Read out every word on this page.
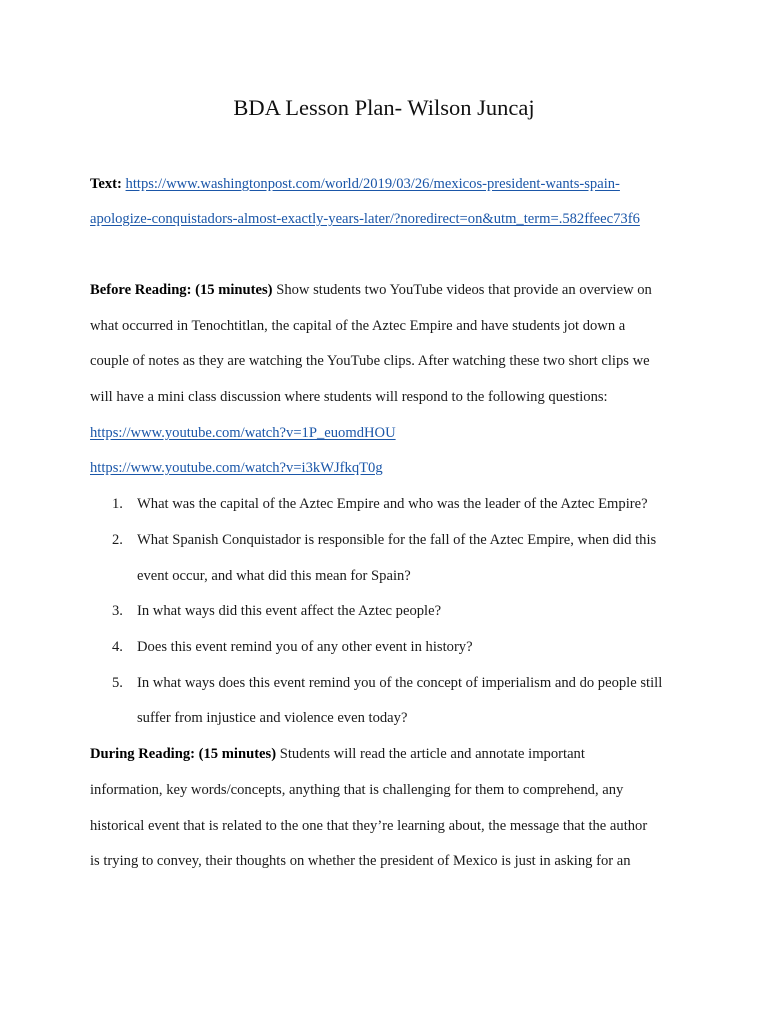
BDA Lesson Plan- Wilson Juncaj
Text: https://www.washingtonpost.com/world/2019/03/26/mexicos-president-wants-spain-
apologize-conquistadors-almost-exactly-years-later/?noredirect=on&utm_term=.582ffeec73f6
Before Reading: (15 minutes) Show students two YouTube videos that provide an overview on
what occurred in Tenochtitlan, the capital of the Aztec Empire and have students jot down a
couple of notes as they are watching the YouTube clips. After watching these two short clips we
will have a mini class discussion where students will respond to the following questions:
https://www.youtube.com/watch?v=1P_euomdHOU
https://www.youtube.com/watch?v=i3kWJfkqT0g
1. What was the capital of the Aztec Empire and who was the leader of the Aztec Empire?
2. What Spanish Conquistador is responsible for the fall of the Aztec Empire, when did this
event occur, and what did this mean for Spain?
3. In what ways did this event affect the Aztec people?
4. Does this event remind you of any other event in history?
5. In what ways does this event remind you of the concept of imperialism and do people still
suffer from injustice and violence even today?
During Reading: (15 minutes) Students will read the article and annotate important
information, key words/concepts, anything that is challenging for them to comprehend, any
historical event that is related to the one that they’re learning about, the message that the author
is trying to convey, their thoughts on whether the president of Mexico is just in asking for an
